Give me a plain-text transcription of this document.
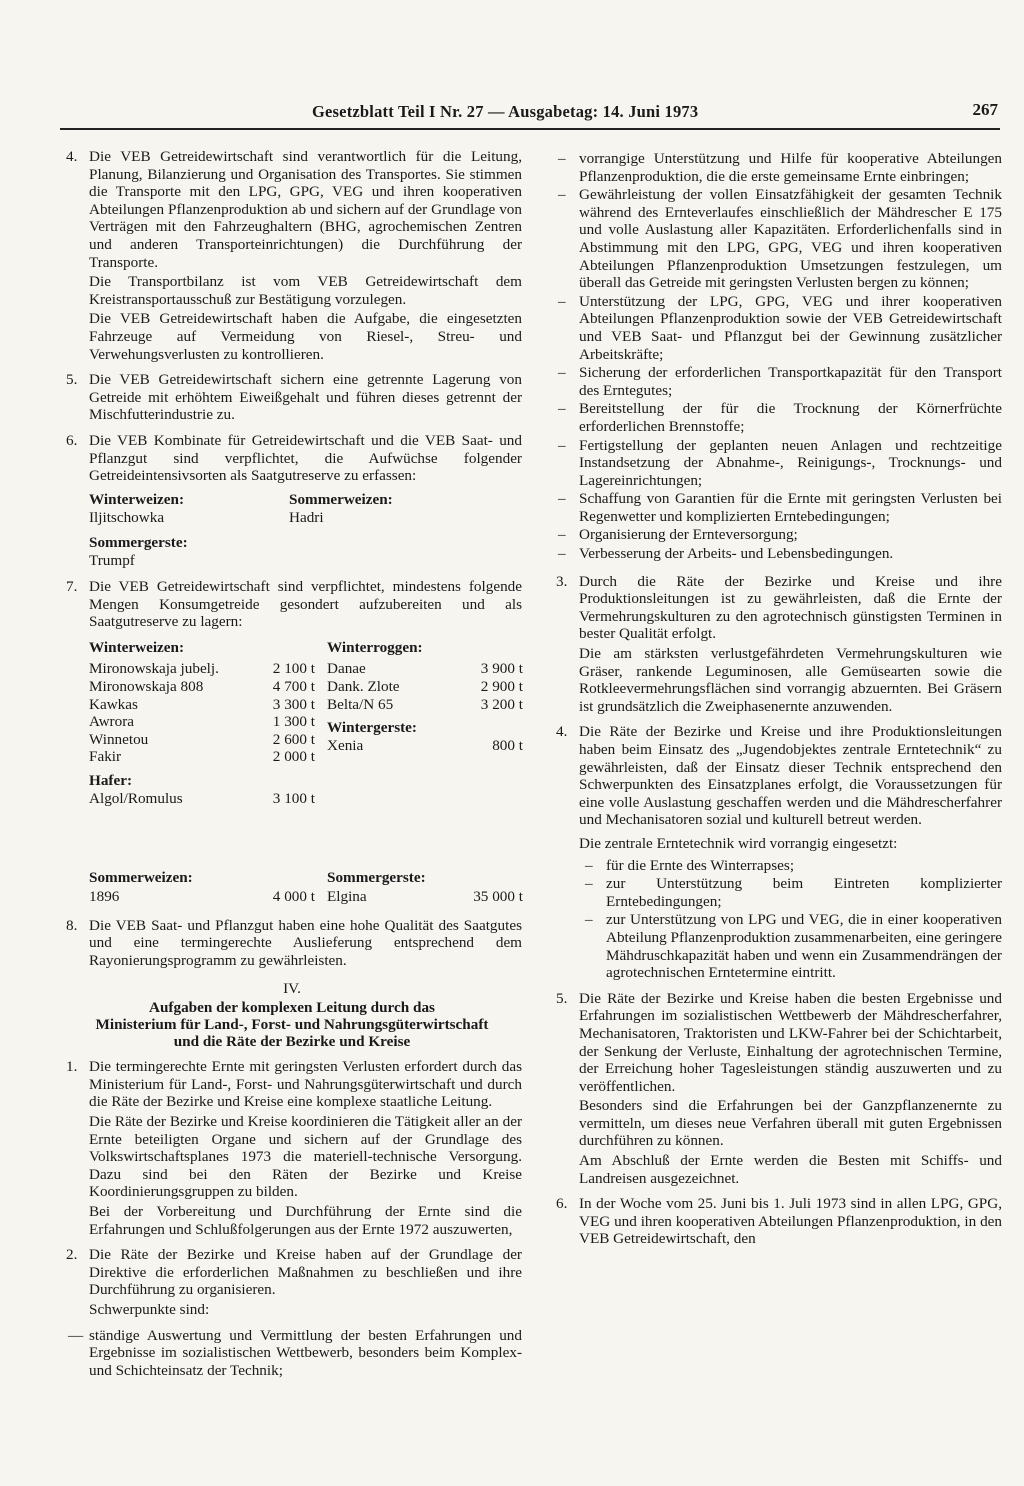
Gesetzblatt Teil I Nr. 27 — Ausgabetag: 14. Juni 1973	267
4. Die VEB Getreidewirtschaft sind verantwortlich für die Leitung, Planung, Bilanzierung und Organisation des Transportes. Sie stimmen die Transporte mit den LPG, GPG, VEG und ihren kooperativen Abteilungen Pflanzenproduktion ab und sichern auf der Grundlage von Verträgen mit den Fahrzeughaltern (BHG, agrochemischen Zentren und anderen Transporteinrichtungen) die Durchführung der Transporte.

Die Transportbilanz ist vom VEB Getreidewirtschaft dem Kreistransportausschuß zur Bestätigung vorzulegen.

Die VEB Getreidewirtschaft haben die Aufgabe, die eingesetzten Fahrzeuge auf Vermeidung von Riesel-, Streu- und Verwehungsverlusten zu kontrollieren.

5. Die VEB Getreidewirtschaft sichern eine getrennte Lagerung von Getreide mit erhöhtem Eiweißgehalt und führen dieses getrennt der Mischfutterindustrie zu.

6. Die VEB Kombinate für Getreidewirtschaft und die VEB Saat- und Pflanzgut sind verpflichtet, die Aufwüchse folgender Getreideintensivsorten als Saatgutreserve zu erfassen:

Winterweizen:	Sommerweizen:
Iljitschowka	Hadri
Sommergerste:
Trumpf
7. Die VEB Getreidewirtschaft sind verpflichtet, mindestens folgende Mengen Konsumgetreide gesondert aufzubereiten und als Saatgutreserve zu lagern:

Winterweizen:
Mironowskaja jubelj.	2 100 t
Mironowskaja 808	4 700 t
Kawkas	3 300 t
Awrora	1 300 t
Winnetou	2 600 t
Fakir	2 000 t
Hafer:
Algol/Romulus	3 100 t
Winterroggen:
Danae	3 900 t
Dank. Zlote	2 900 t
Belta/N 65	3 200 t
Wintergerste:
Xenia	800 t
Sommerweizen:
1896	4 000 t
Sommergerste:
Elgina	35 000 t
8. Die VEB Saat- und Pflanzgut haben eine hohe Qualität des Saatgutes und eine termingerechte Auslieferung entsprechend dem Rayonierungsprogramm zu gewährleisten.

IV.
Aufgaben der komplexen Leitung durch das
Ministerium für Land-, Forst- und Nahrungsgüterwirtschaft
und die Räte der Bezirke und Kreise
1. Die termingerechte Ernte mit geringsten Verlusten erfordert durch das Ministerium für Land-, Forst- und Nahrungsgüterwirtschaft und durch die Räte der Bezirke und Kreise eine komplexe staatliche Leitung.

Die Räte der Bezirke und Kreise koordinieren die Tätigkeit aller an der Ernte beteiligten Organe und sichern auf der Grundlage des Volkswirtschaftsplanes 1973 die materiell-technische Versorgung. Dazu sind bei den Räten der Bezirke und Kreise Koordinierungsgruppen zu bilden.

Bei der Vorbereitung und Durchführung der Ernte sind die Erfahrungen und Schlußfolgerungen aus der Ernte 1972 auszuwerten,

2. Die Räte der Bezirke und Kreise haben auf der Grundlage der Direktive die erforderlichen Maßnahmen zu beschließen und ihre Durchführung zu organisieren.

Schwerpunkte sind:

— ständige Auswertung und Vermittlung der besten Erfahrungen und Ergebnisse im sozialistischen Wettbewerb, besonders beim Komplex- und Schichteinsatz der Technik;
– vorrangige Unterstützung und Hilfe für kooperative Abteilungen Pflanzenproduktion, die die erste gemeinsame Ernte einbringen;
– Gewährleistung der vollen Einsatzfähigkeit der gesamten Technik während des Ernteverlaufes einschließlich der Mähdrescher E 175 und volle Auslastung aller Kapazitäten. Erforderlichenfalls sind in Abstimmung mit den LPG, GPG, VEG und ihren kooperativen Abteilungen Pflanzenproduktion Umsetzungen festzulegen, um überall das Getreide mit geringsten Verlusten bergen zu können;
– Unterstützung der LPG, GPG, VEG und ihrer kooperativen Abteilungen Pflanzenproduktion sowie der VEB Getreidewirtschaft und VEB Saat- und Pflanzgut bei der Gewinnung zusätzlicher Arbeitskräfte;
– Sicherung der erforderlichen Transportkapazität für den Transport des Erntegutes;
– Bereitstellung der für die Trocknung der Körnerfrüchte erforderlichen Brennstoffe;
– Fertigstellung der geplanten neuen Anlagen und rechtzeitige Instandsetzung der Abnahme-, Reinigungs-, Trocknungs- und Lagereinrichtungen;
– Schaffung von Garantien für die Ernte mit geringsten Verlusten bei Regenwetter und komplizierten Erntebedingungen;
– Organisierung der Ernteversorgung;
– Verbesserung der Arbeits- und Lebensbedingungen.
3. Durch die Räte der Bezirke und Kreise und ihre Produktionsleitungen ist zu gewährleisten, daß die Ernte der Vermehrungskulturen zu den agrotechnisch günstigsten Terminen in bester Qualität erfolgt.

Die am stärksten verlustgefährdeten Vermehrungskulturen wie Gräser, rankende Leguminosen, alle Gemüsearten sowie die Rotkleevermehrungsflächen sind vorrangig abzuernten. Bei Gräsern ist grundsätzlich die Zweiphasenernte anzuwenden.

4. Die Räte der Bezirke und Kreise und ihre Produktionsleitungen haben beim Einsatz des „Jugendobjektes zentrale Erntetechnik“ zu gewährleisten, daß der Einsatz dieser Technik entsprechend den Schwerpunkten des Einsatzplanes erfolgt, die Voraussetzungen für eine volle Auslastung geschaffen werden und die Mähdrescherfahrer und Mechanisatoren sozial und kulturell betreut werden.

Die zentrale Erntetechnik wird vorrangig eingesetzt:

– für die Ernte des Winterrapses;
– zur Unterstützung beim Eintreten komplizierter Erntebedingungen;
– zur Unterstützung von LPG und VEG, die in einer kooperativen Abteilung Pflanzenproduktion zusammenarbeiten, eine geringere Mähdruschkapazität haben und wenn ein Zusammendrängen der agrotechnischen Erntetermine eintritt.
5. Die Räte der Bezirke und Kreise haben die besten Ergebnisse und Erfahrungen im sozialistischen Wettbewerb der Mähdrescherfahrer, Mechanisatoren, Traktoristen und LKW-Fahrer bei der Schichtarbeit, der Senkung der Verluste, Einhaltung der agrotechnischen Termine, der Erreichung hoher Tagesleistungen ständig auszuwerten und zu veröffentlichen.

Besonders sind die Erfahrungen bei der Ganzpflanzenernte zu vermitteln, um dieses neue Verfahren überall mit guten Ergebnissen durchführen zu können.

Am Abschluß der Ernte werden die Besten mit Schiffs- und Landreisen ausgezeichnet.

6. In der Woche vom 25. Juni bis 1. Juli 1973 sind in allen LPG, GPG, VEG und ihren kooperativen Abteilungen Pflanzenproduktion, in den VEB Getreidewirtschaft, den
